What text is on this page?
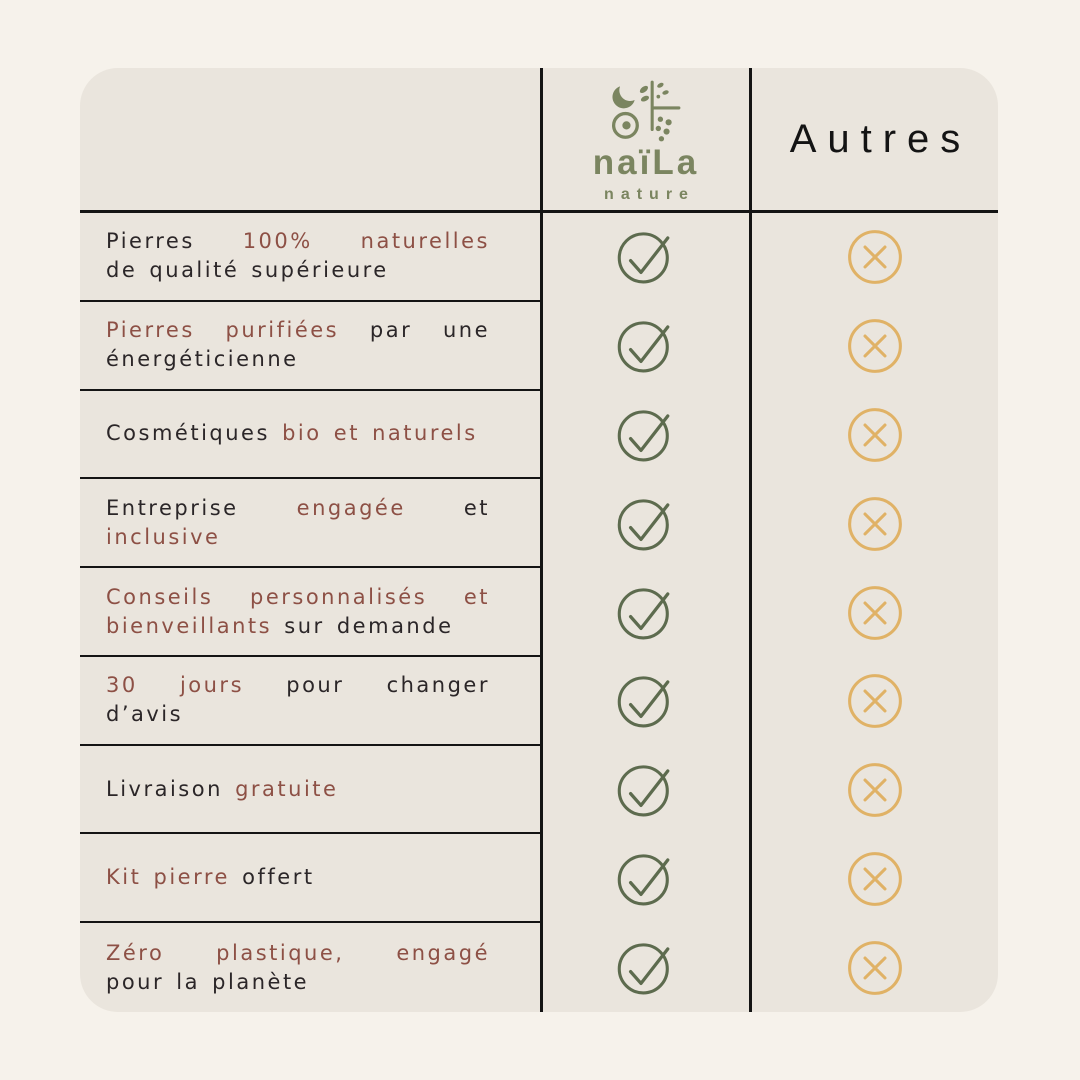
naïLa
nature
Autres
Pierres 100% naturelles
de qualité supérieure
Pierres purifiées par une
énergéticienne
Cosmétiques bio et naturels
Entreprise	engagée	et
inclusive
Conseils personnalisés et
bienveillants sur demande
30 jours pour changer
d’avis
Livraison gratuite
Kit pierre offert
Zéro plastique, engagé
pour la planète
